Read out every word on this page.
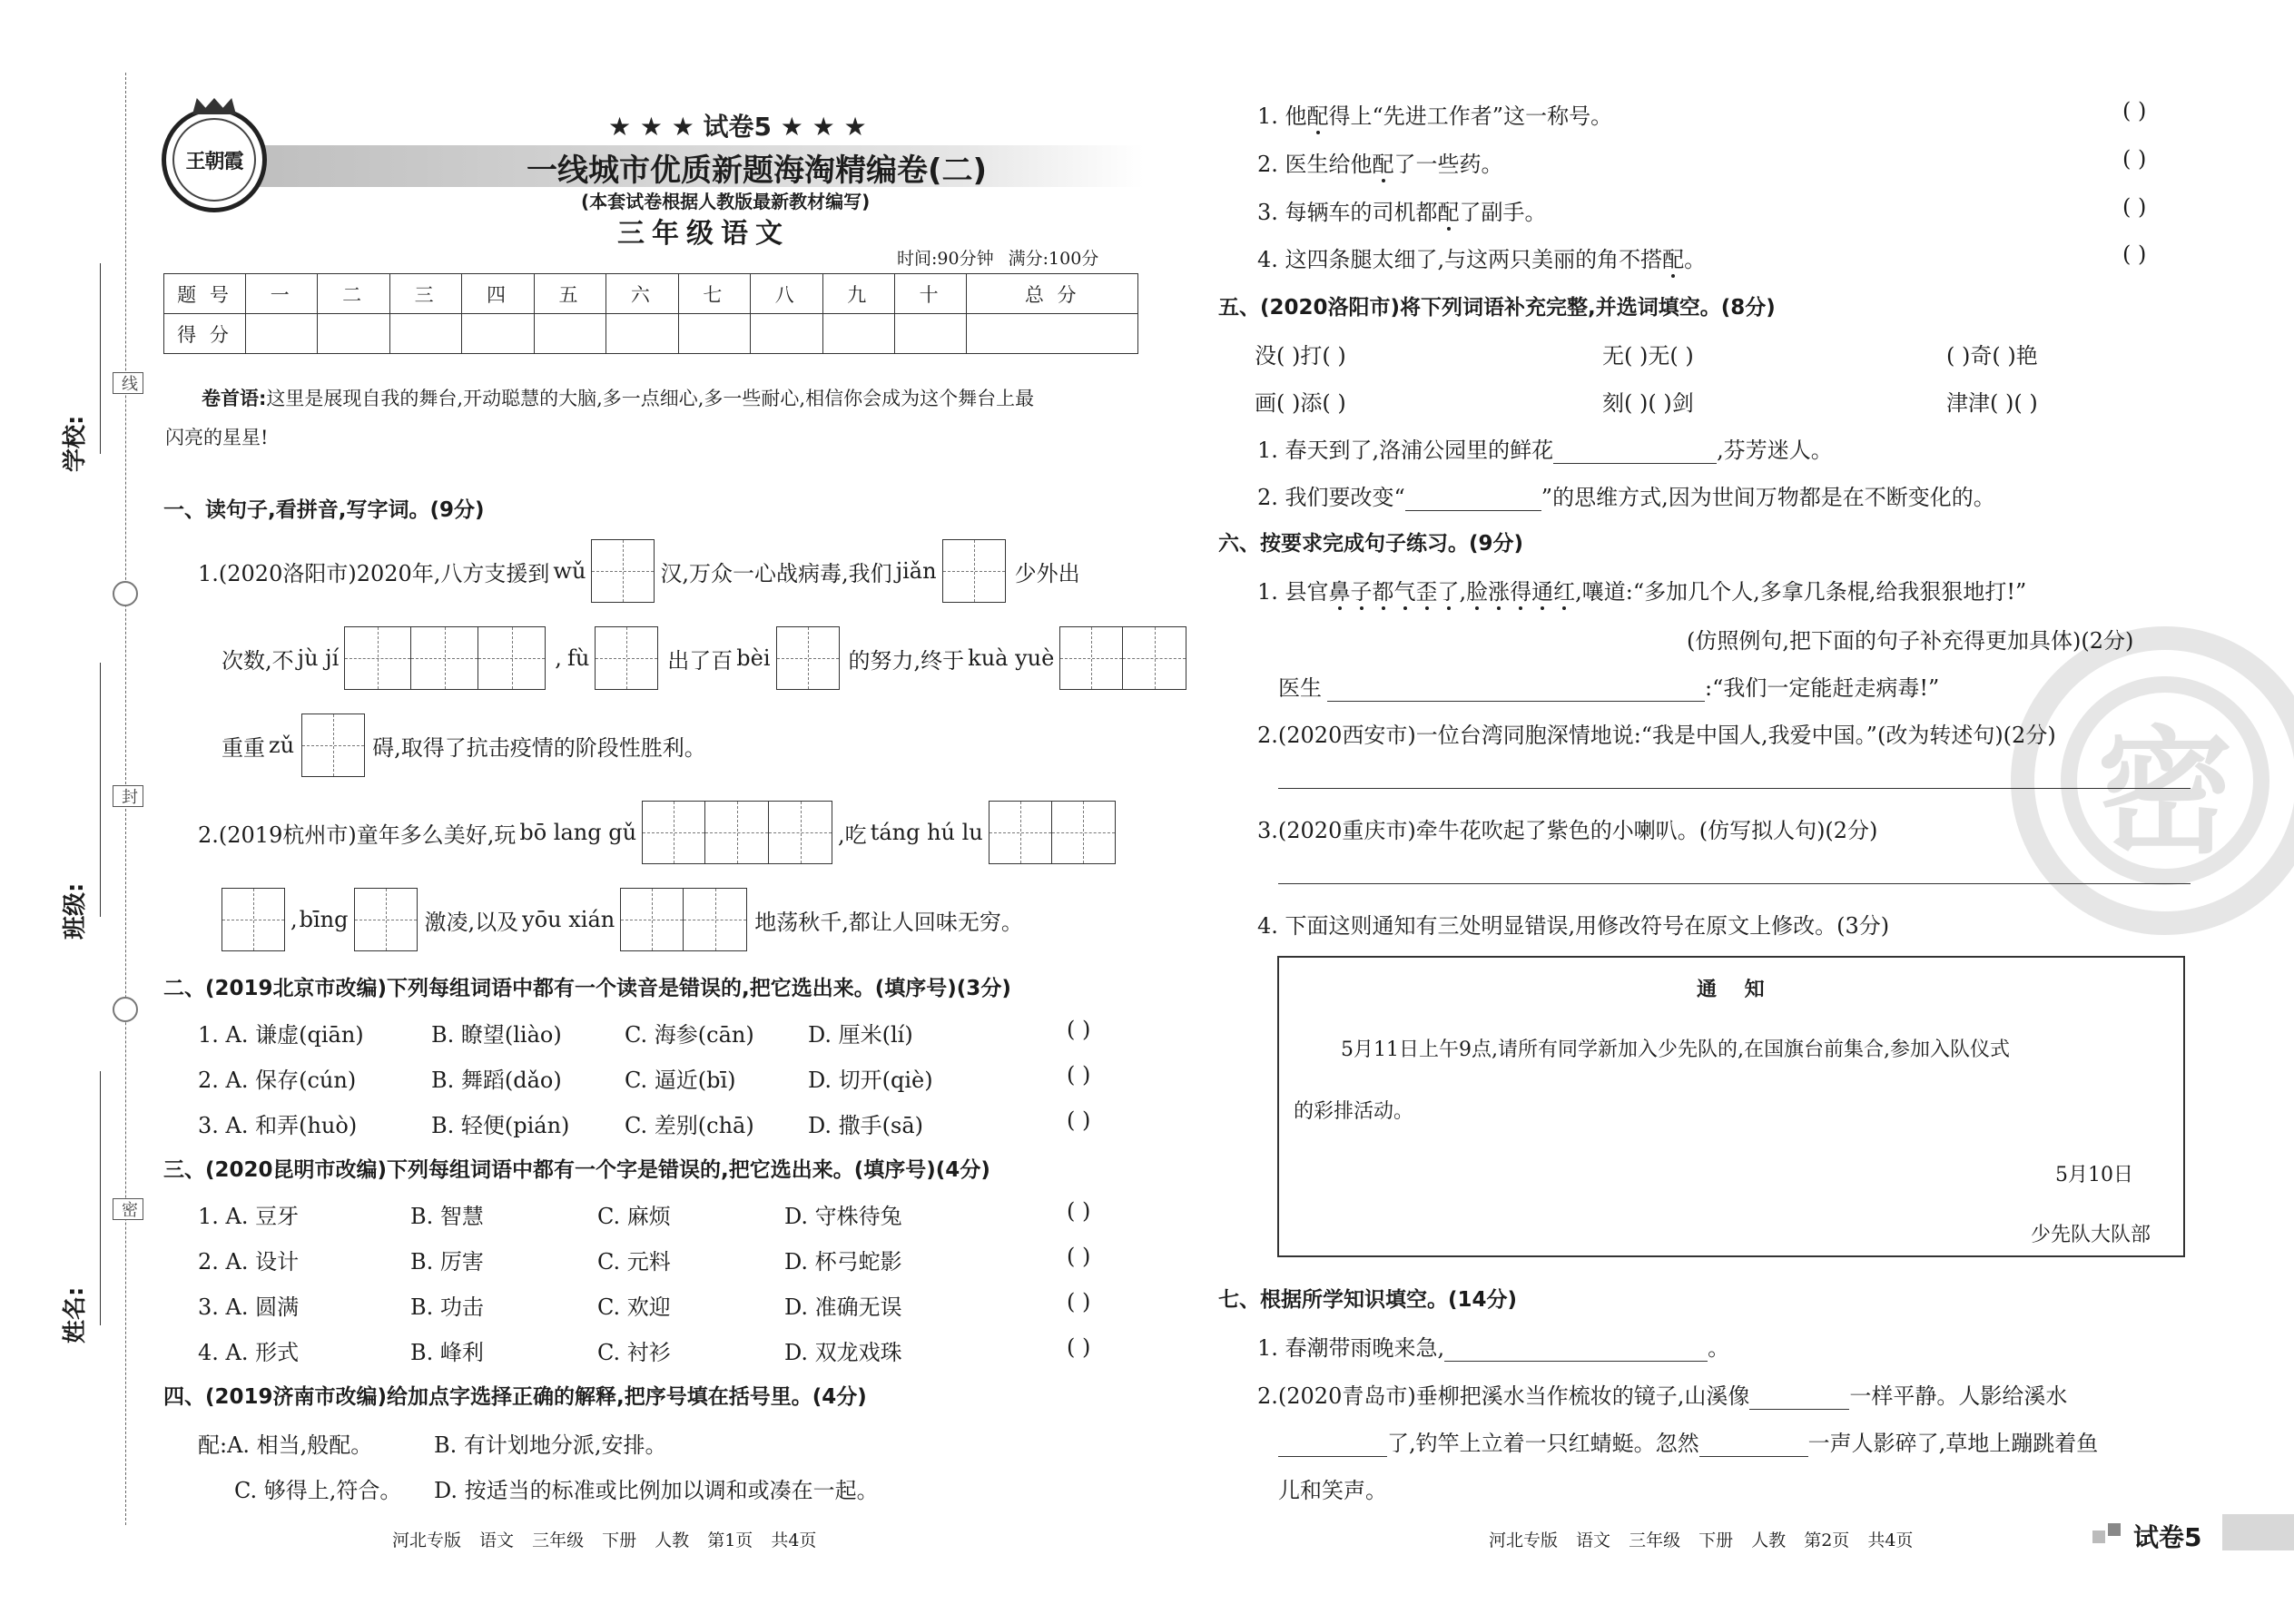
学校:
班级:
姓名:
线
封
密
王朝霞
★ ★ ★ 试卷5 ★ ★ ★
一线城市优质新题海淘精编卷(二)
(本套试卷根据人教版最新教材编写)
三年级语文
时间:90分钟 满分:100分
题 号	一	二	三	四	五	六	七	八	九	十	总 分
得 分											
卷首语:这里是展现自我的舞台,开动聪慧的大脑,多一点细心,多一些耐心,相信你会成为这个舞台上最
闪亮的星星!
一、读句子,看拼音,写字词。(9分)
1.(2020洛阳市)2020年,八方支援到 wǔ	汉,万众一心战病毒,我们 jiǎn	少外出
次数,不 jù jí	, fù	出了百 bèi	的努力,终于 kuà yuè
重重 zǔ	碍,取得了抗击疫情的阶段性胜利。
2.(2019杭州市)童年多么美好,玩 bō lang gǔ	,吃 táng hú lu
, bīng	激凌,以及 yōu xián	地荡秋千,都让人回味无穷。
二、(2019北京市改编)下列每组词语中都有一个读音是错误的,把它选出来。(填序号)(3分)
1. A. 谦虚(qiān)	B. 瞭望(liào)	C. 海参(cān) D. 厘米(lí)	( )
2. A. 保存(cún)	B. 舞蹈(dǎo)	C. 逼近(bī)	D. 切开(qiè)	( )
3. A. 和弄(huò)	B. 轻便(pián)	C. 差别(chā) D. 撒手(sā)	( )
三、(2020昆明市改编)下列每组词语中都有一个字是错误的,把它选出来。(填序号)(4分)
1. A. 豆牙	B. 智慧	C. 麻烦	D. 守株待兔	( )
2. A. 设计	B. 厉害	C. 元料	D. 杯弓蛇影	( )
3. A. 圆满	B. 功击	C. 欢迎	D. 准确无误	( )
4. A. 形式	B. 峰利	C. 衬衫	D. 双龙戏珠	( )
四、(2019济南市改编)给加点字选择正确的解释,把序号填在括号里。(4分)
配:A. 相当,般配。	B. 有计划地分派,安排。
C. 够得上,符合。 D. 按适当的标准或比例加以调和或凑在一起。
河北专版 语文 三年级 下册 人教 第1页 共4页
密
1. 他配得上“先进工作者”这一称号。
2. 医生给他配了一些药。
3. 每辆车的司机都配了副手。
4. 这四条腿太细了,与这两只美丽的角不搭配。
( )
( )
( )
( )
五、(2020洛阳市)将下列词语补充完整,并选词填空。(8分)
没( )打( )	无( )无( )	( )奇( )艳
画( )添( )	刻( )( )剑	津津( )( )
1. 春天到了,洛浦公园里的鲜花	,芬芳迷人。
2. 我们要改变“	”的思维方式,因为世间万物都是在不断变化的。
六、按要求完成句子练习。(9分)
1. 县官鼻子都气歪了,脸涨得通红,嚷道:“多加几个人,多拿几条棍,给我狠狠地打!”
(仿照例句,把下面的句子补充得更加具体)(2分)
医生	:“我们一定能赶走病毒!”
2.(2020西安市)一位台湾同胞深情地说:“我是中国人,我爱中国。”(改为转述句)(2分)
3.(2020重庆市)牵牛花吹起了紫色的小喇叭。(仿写拟人句)(2分)
4. 下面这则通知有三处明显错误,用修改符号在原文上修改。(3分)
通    知
5月11日上午9点,请所有同学新加入少先队的,在国旗台前集合,参加入队仪式
的彩排活动。
5月10日
少先队大队部
七、根据所学知识填空。(14分)
1. 春潮带雨晚来急,	。
2.(2020青岛市)垂柳把溪水当作梳妆的镜子,山溪像	一样平静。人影给溪水
了,钓竿上立着一只红蜻蜓。忽然	一声人影碎了,草地上蹦跳着鱼
儿和笑声。
河北专版 语文 三年级 下册 人教 第2页 共4页	试卷5
